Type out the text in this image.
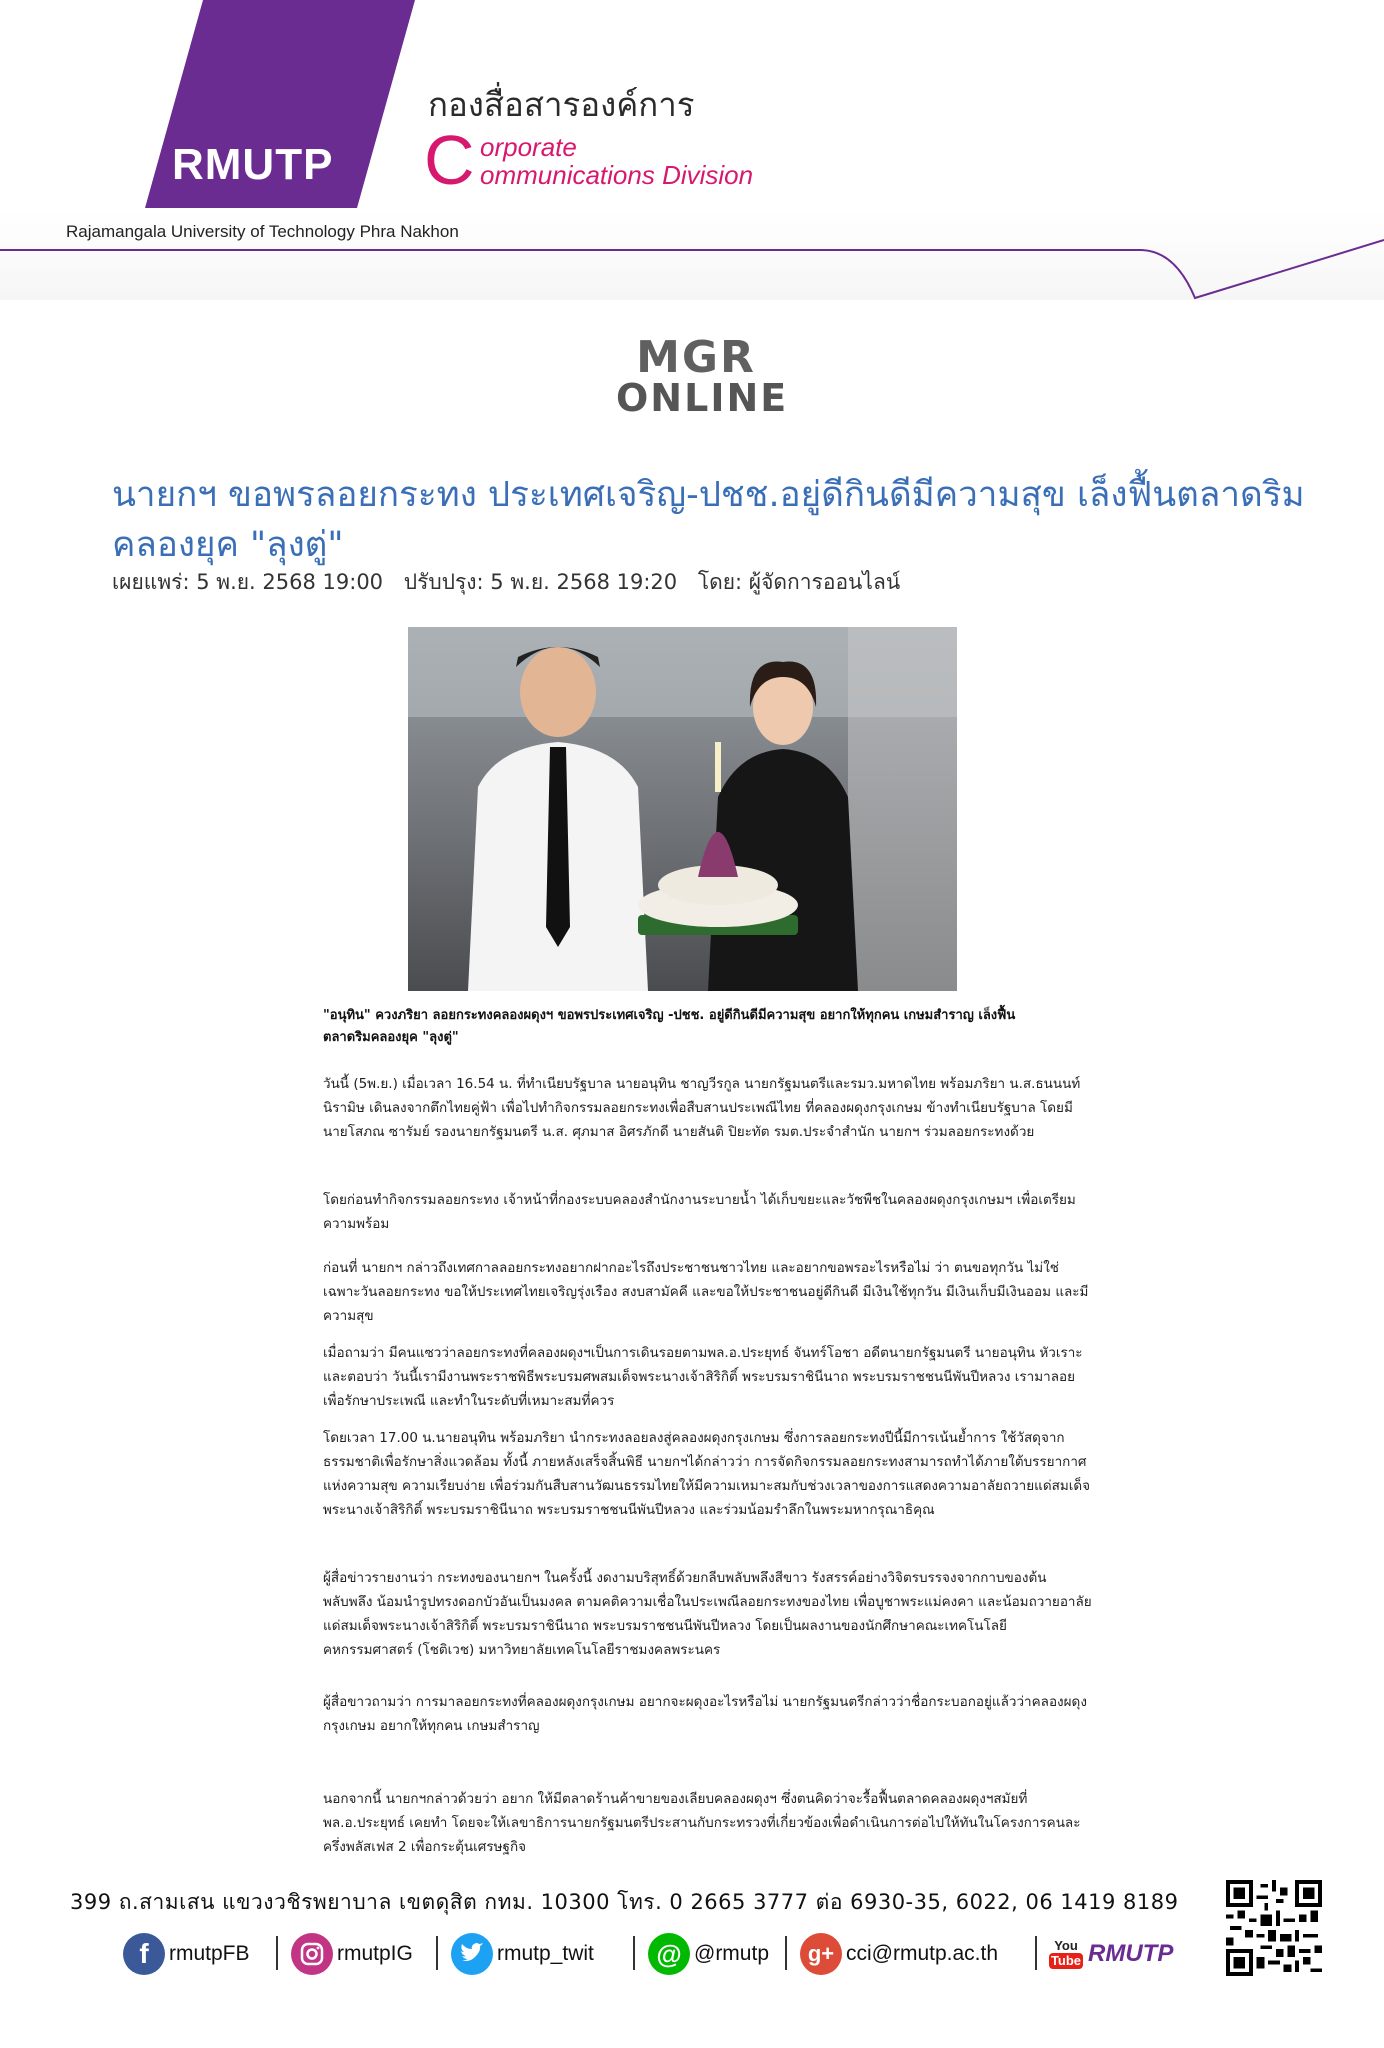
RMUTP
กองสื่อสารองค์การ
C orporate
ommunications Division
Rajamangala University of Technology Phra Nakhon
MGR
ONLINE
นายกฯ ขอพรลอยกระทง ประเทศเจริญ-ปชช.อยู่ดีกินดีมีความสุข เล็งฟื้นตลาดริมคลองยุค "ลุงตู่"
เผยแพร่: 5 พ.ย. 2568 19:00 ปรับปรุง: 5 พ.ย. 2568 19:20 โดย: ผู้จัดการออนไลน์
"อนุทิน" ควงภริยา ลอยกระทงคลองผดุงฯ ขอพรประเทศเจริญ -ปชช. อยู่ดีกินดีมีความสุข อยากให้ทุกคน เกษมสำราญ เล็งฟื้นตลาดริมคลองยุค "ลุงตู่"
วันนี้ (5พ.ย.) เมื่อเวลา 16.54 น. ที่ทำเนียบรัฐบาล นายอนุทิน ชาญวีรกูล นายกรัฐมนตรีและรมว.มหาดไทย พร้อมภริยา น.ส.ธนนนท์ นิรามิษ เดินลงจากตึกไทยคู่ฟ้า เพื่อไปทำกิจกรรมลอยกระทงเพื่อสืบสานประเพณีไทย ที่คลองผดุงกรุงเกษม ข้างทำเนียบรัฐบาล โดยมีนายโสภณ ซารัมย์ รองนายกรัฐมนตรี น.ส. ศุภมาส อิศรภักดี นายสันติ ปิยะทัต รมต.ประจำสำนัก นายกฯ ร่วมลอยกระทงด้วย
โดยก่อนทำกิจกรรมลอยกระทง เจ้าหน้าที่กองระบบคลองสำนักงานระบายน้ำ ได้เก็บขยะและวัชพืชในคลองผดุงกรุงเกษมฯ เพื่อเตรียมความพร้อม
ก่อนที่ นายกฯ กล่าวถึงเทศกาลลอยกระทงอยากฝากอะไรถึงประชาชนชาวไทย และอยากขอพรอะไรหรือไม่ ว่า ตนขอทุกวัน ไม่ใช่เฉพาะวันลอยกระทง ขอให้ประเทศไทยเจริญรุ่งเรือง สงบสามัคคี และขอให้ประชาชนอยู่ดีกินดี มีเงินใช้ทุกวัน มีเงินเก็บมีเงินออม และมีความสุข
เมื่อถามว่า มีคนแซวว่าลอยกระทงที่คลองผดุงฯเป็นการเดินรอยตามพล.อ.ประยุทธ์ จันทร์โอชา อดีตนายกรัฐมนตรี นายอนุทิน หัวเราะและตอบว่า วันนี้เรามีงานพระราชพิธีพระบรมศพสมเด็จพระนางเจ้าสิริกิติ์ พระบรมราชินีนาถ พระบรมราชชนนีพันปีหลวง เรามาลอยเพื่อรักษาประเพณี และทำในระดับที่เหมาะสมที่ควร
โดยเวลา 17.00 น.นายอนุทิน พร้อมภริยา นำกระทงลอยลงสู่คลองผดุงกรุงเกษม ซึ่งการลอยกระทงปีนี้มีการเน้นย้ำการ ใช้วัสดุจากธรรมชาติเพื่อรักษาสิ่งแวดล้อม ทั้งนี้ ภายหลังเสร็จสิ้นพิธี นายกฯได้กล่าวว่า การจัดกิจกรรมลอยกระทงสามารถทำได้ภายใต้บรรยากาศแห่งความสุข ความเรียบง่าย เพื่อร่วมกันสืบสานวัฒนธรรมไทยให้มีความเหมาะสมกับช่วงเวลาของการแสดงความอาลัยถวายแด่สมเด็จพระนางเจ้าสิริกิติ์ พระบรมราชินีนาถ พระบรมราชชนนีพันปีหลวง และร่วมน้อมรำลึกในพระมหากรุณาธิคุณ
ผู้สื่อข่าวรายงานว่า กระทงของนายกฯ ในครั้งนี้ งดงามบริสุทธิ์ด้วยกลีบพลับพลึงสีขาว รังสรรค์อย่างวิจิตรบรรจงจากกาบของต้นพลับพลึง น้อมนำรูปทรงดอกบัวอันเป็นมงคล ตามคติความเชื่อในประเพณีลอยกระทงของไทย เพื่อบูชาพระแม่คงคา และน้อมถวายอาลัยแด่สมเด็จพระนางเจ้าสิริกิติ์ พระบรมราชินีนาถ พระบรมราชชนนีพันปีหลวง โดยเป็นผลงานของนักศึกษาคณะเทคโนโลยีคหกรรมศาสตร์ (โชติเวช) มหาวิทยาลัยเทคโนโลยีราชมงคลพระนคร
ผู้สื่อขาวถามว่า การมาลอยกระทงที่คลองผดุงกรุงเกษม อยากจะผดุงอะไรหรือไม่ นายกรัฐมนตรีกล่าวว่าชื่อกระบอกอยู่แล้วว่าคลองผดุงกรุงเกษม อยากให้ทุกคน เกษมสำราญ
นอกจากนี้ นายกฯกล่าวด้วยว่า อยาก ให้มีตลาดร้านค้าขายของเลียบคลองผดุงฯ ซึ่งตนคิดว่าจะรื้อฟื้นตลาดคลองผดุงฯสมัยที่พล.อ.ประยุทธ์ เคยทำ โดยจะให้เลขาธิการนายกรัฐมนตรีประสานกับกระทรวงที่เกี่ยวข้องเพื่อดำเนินการต่อไปให้ทันในโครงการคนละครึ่งพลัสเฟส 2 เพื่อกระตุ้นเศรษฐกิจ
399 ถ.สามเสน แขวงวชิรพยาบาล เขตดุสิต กทม. 10300 โทร. 0 2665 3777 ต่อ 6930-35, 6022, 06 1419 8189
f rmutpFB	rmutpIG	rmutp_twit	@ @rmutp	g+ cci@rmutp.ac.th	You
Tube RMUTP
